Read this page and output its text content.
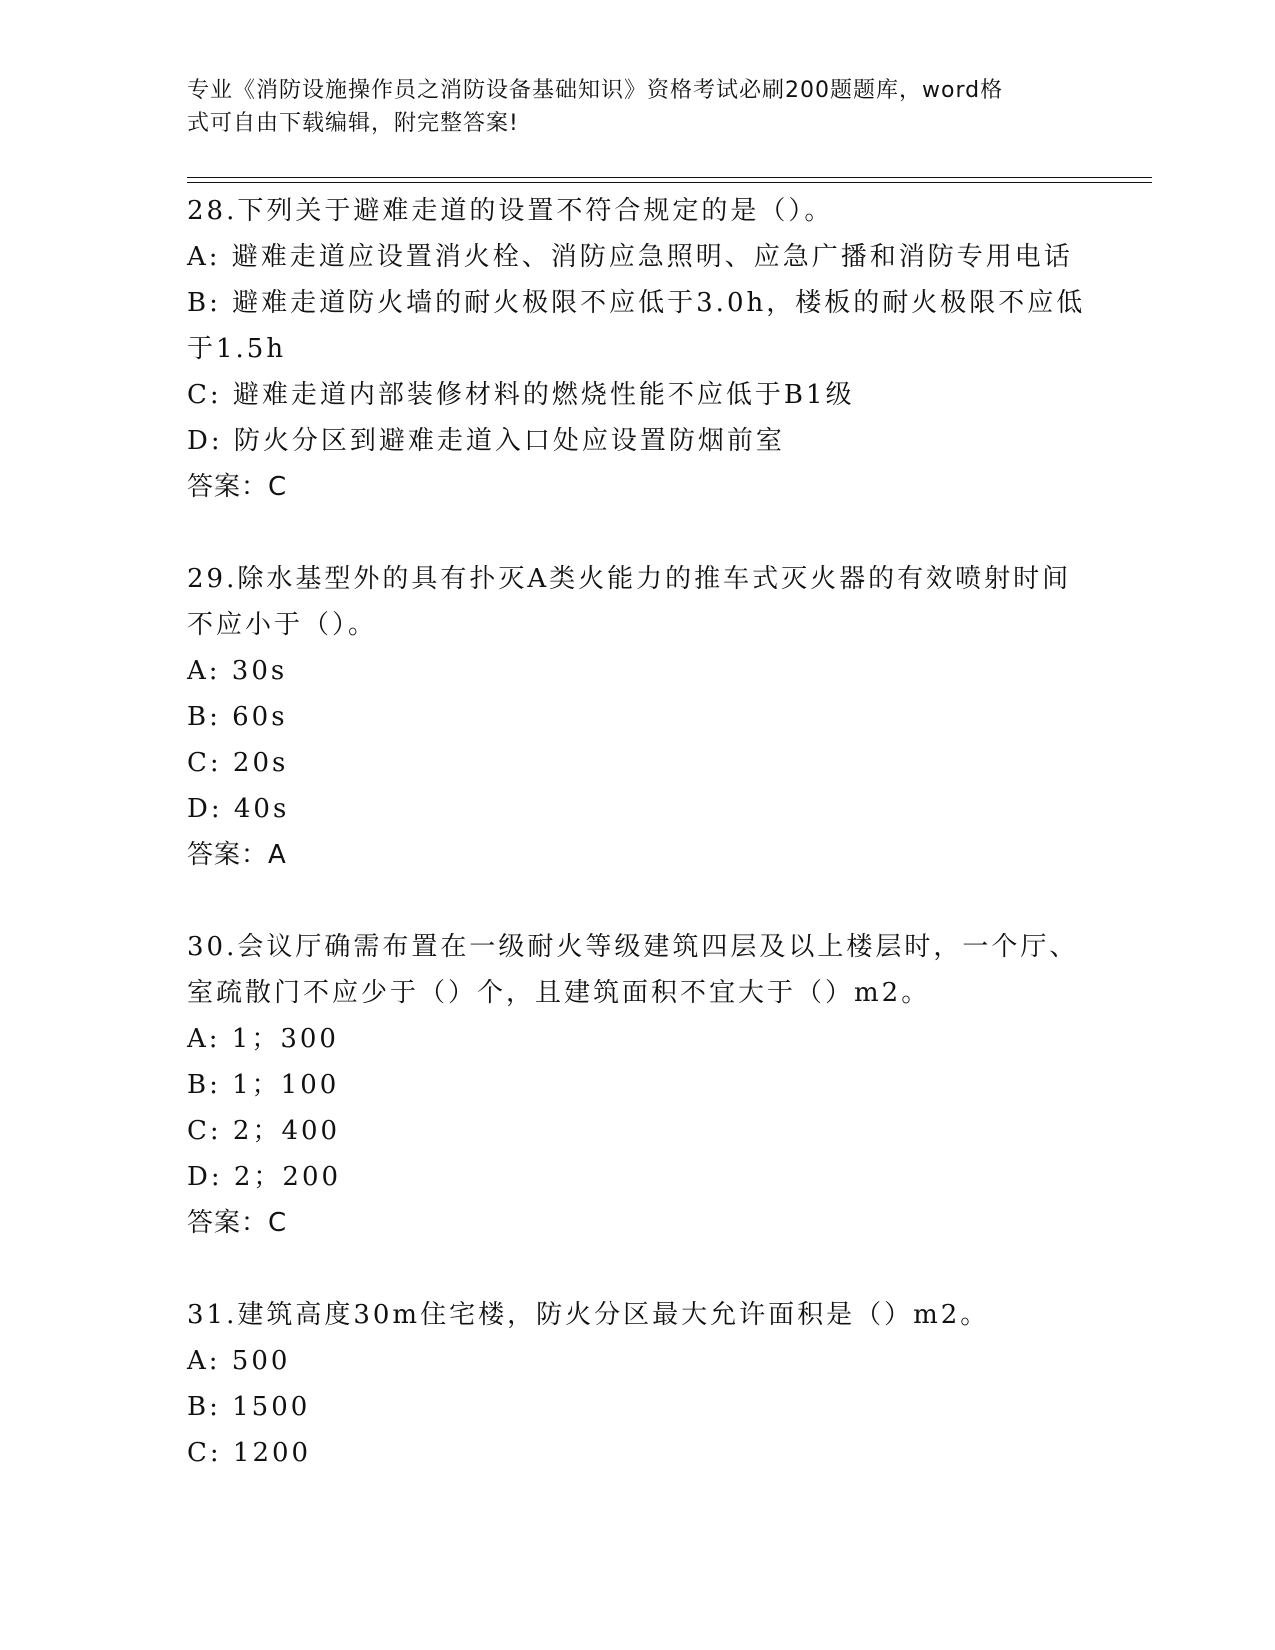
专业《消防设施操作员之消防设备基础知识》资格考试必刷200题题库，word格
式可自由下载编辑，附完整答案!
28.下列关于避难走道的设置不符合规定的是（）。
A: 避难走道应设置消火栓、消防应急照明、应急广播和消防专用电话
B: 避难走道防火墙的耐火极限不应低于3.0h，楼板的耐火极限不应低
于1.5h
C: 避难走道内部装修材料的燃烧性能不应低于B1级
D: 防火分区到避难走道入口处应设置防烟前室
答案：C
29.除水基型外的具有扑灭A类火能力的推车式灭火器的有效喷射时间
不应小于（）。
A: 30s
B: 60s
C: 20s
D: 40s
答案：A
30.会议厅确需布置在一级耐火等级建筑四层及以上楼层时，一个厅、
室疏散门不应少于（）个，且建筑面积不宜大于（）m2。
A: 1；300
B: 1；100
C: 2；400
D: 2；200
答案：C
31.建筑高度30m住宅楼，防火分区最大允许面积是（）m2。
A: 500
B: 1500
C: 1200
